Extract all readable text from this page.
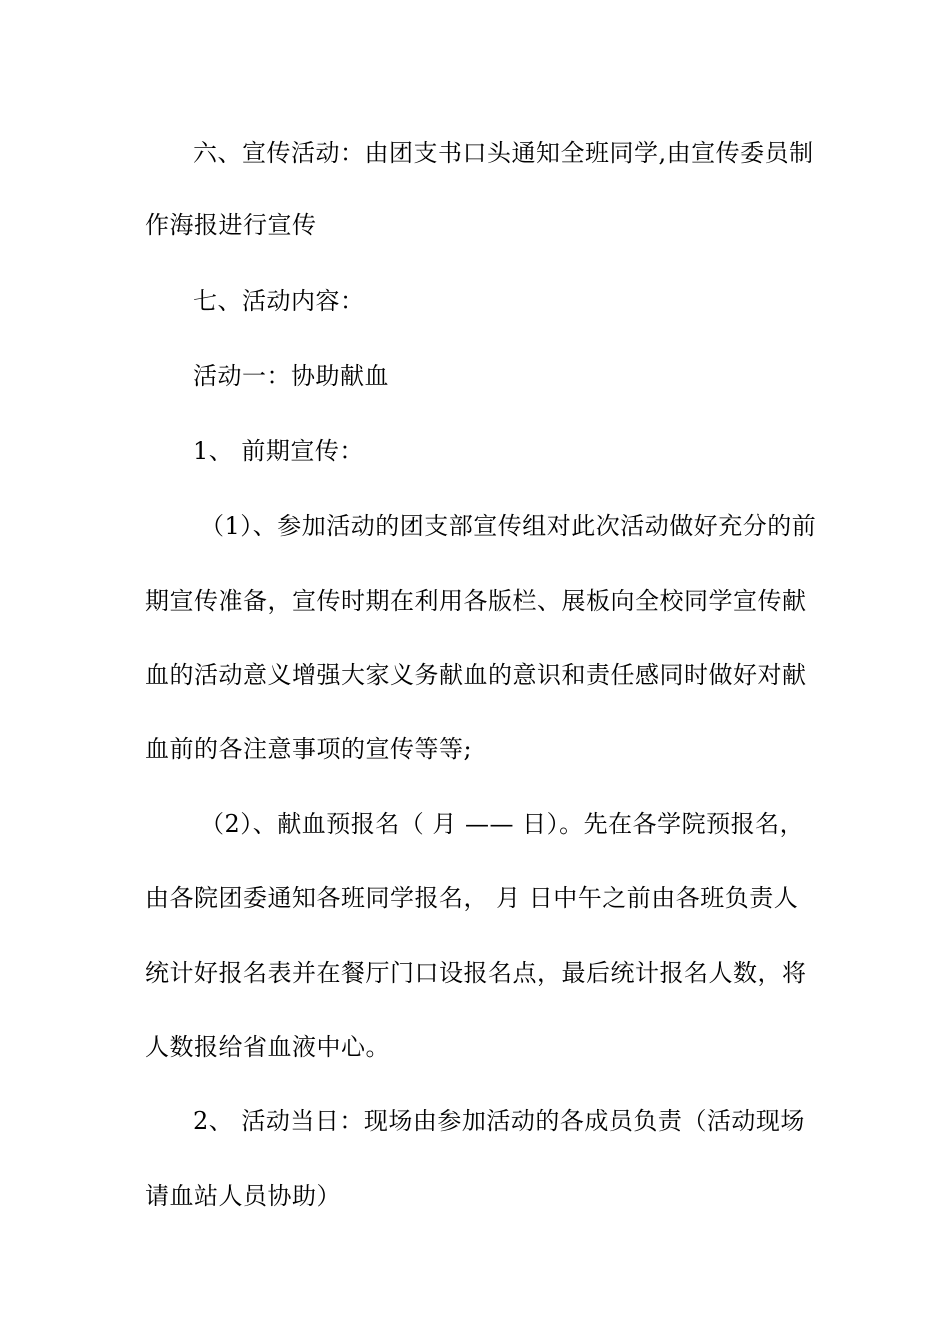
六、宣传活动：由团支书口头通知全班同学,由宣传委员制
作海报进行宣传
七、活动内容：
活动一：协助献血
1、 前期宣传：
（1）、参加活动的团支部宣传组对此次活动做好充分的前
期宣传准备，宣传时期在利用各版栏、展板向全校同学宣传献
血的活动意义增强大家义务献血的意识和责任感同时做好对献
血前的各注意事项的宣传等等;
（2）、献血预报名（ 月 —— 日）。先在各学院预报名，
由各院团委通知各班同学报名， 月 日中午之前由各班负责人
统计好报名表并在餐厅门口设报名点，最后统计报名人数，将
人数报给省血液中心。
2、 活动当日：现场由参加活动的各成员负责（活动现场
请血站人员协助）
